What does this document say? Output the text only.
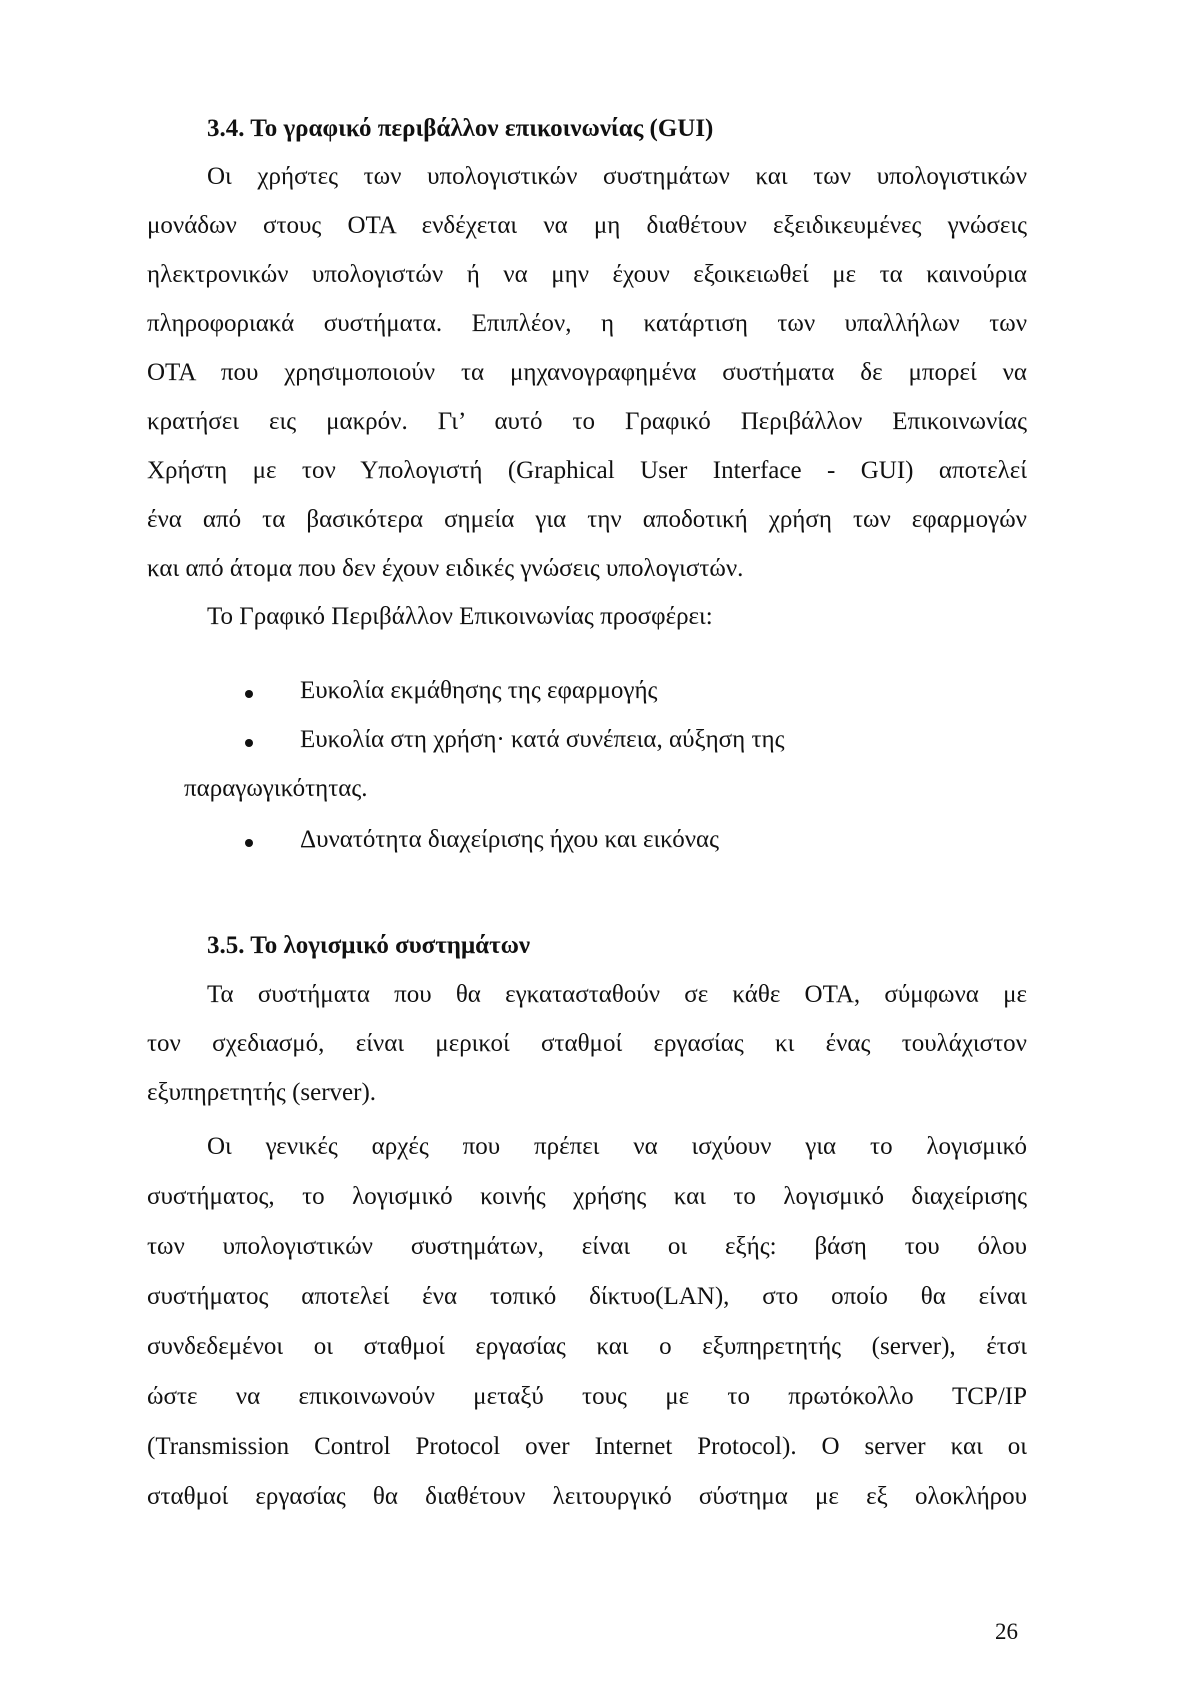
3.4. Το γραφικό περιβάλλον επικοινωνίας (GUI)
Οι χρήστες των υπολογιστικών συστημάτων και των υπολογιστικών
μονάδων στους ΟΤΑ ενδέχεται να μη διαθέτουν εξειδικευμένες γνώσεις
ηλεκτρονικών υπολογιστών ή να μην έχουν εξοικειωθεί με τα καινούρια
πληροφοριακά συστήματα. Επιπλέον, η κατάρτιση των υπαλλήλων των
ΟΤΑ που χρησιμοποιούν τα μηχανογραφημένα συστήματα δε μπορεί να
κρατήσει εις μακρόν. Γι’ αυτό το Γραφικό Περιβάλλον Επικοινωνίας
Χρήστη με τον Υπολογιστή (Graphical User Interface - GUI) αποτελεί
ένα από τα βασικότερα σημεία για την αποδοτική χρήση των εφαρμογών
και από άτομα που δεν έχουν ειδικές γνώσεις υπολογιστών.
Το Γραφικό Περιβάλλον Επικοινωνίας προσφέρει:
Ευκολία εκμάθησης της εφαρμογής
Ευκολία στη χρήση· κατά συνέπεια, αύξηση της
παραγωγικότητας.
Δυνατότητα διαχείρισης ήχου και εικόνας
3.5. Το λογισμικό συστημάτων
Τα συστήματα που θα εγκατασταθούν σε κάθε ΟΤΑ, σύμφωνα με
τον σχεδιασμό, είναι μερικοί σταθμοί εργασίας κι ένας τουλάχιστον
εξυπηρετητής (server).
Οι γενικές αρχές που πρέπει να ισχύουν για το λογισμικό
συστήματος, το λογισμικό κοινής χρήσης και το λογισμικό διαχείρισης
των υπολογιστικών συστημάτων, είναι οι εξής: βάση του όλου
συστήματος αποτελεί ένα τοπικό δίκτυο(LAN), στο οποίο θα είναι
συνδεδεμένοι οι σταθμοί εργασίας και ο εξυπηρετητής (server), έτσι
ώστε να επικοινωνούν μεταξύ τους με το πρωτόκολλο TCP/IP
(Transmission Control Protocol over Internet Protocol). Ο server και οι
σταθμοί εργασίας θα διαθέτουν λειτουργικό σύστημα με εξ ολοκλήρου
26
